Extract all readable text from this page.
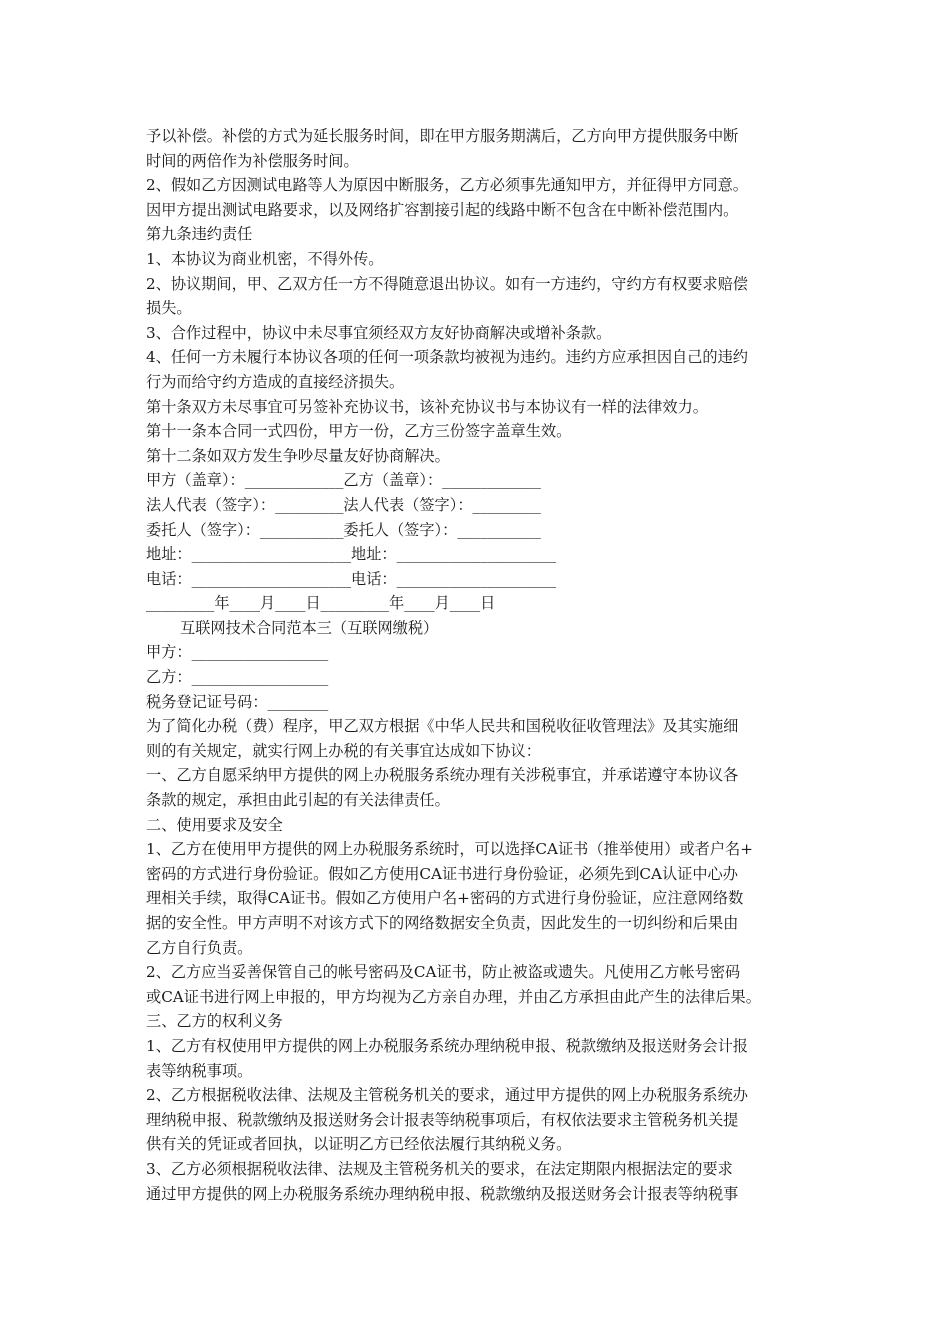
予以补偿。补偿的方式为延长服务时间，即在甲方服务期满后，乙方向甲方提供服务中断
时间的两倍作为补偿服务时间。
2、假如乙方因测试电路等人为原因中断服务，乙方必须事先通知甲方，并征得甲方同意。
因甲方提出测试电路要求，以及网络扩容割接引起的线路中断不包含在中断补偿范围内。
第九条违约责任
1、本协议为商业机密，不得外传。
2、协议期间，甲、乙双方任一方不得随意退出协议。如有一方违约，守约方有权要求赔偿
损失。
3、合作过程中，协议中未尽事宜须经双方友好协商解决或增补条款。
4、任何一方未履行本协议各项的任何一项条款均被视为违约。违约方应承担因自己的违约
行为而给守约方造成的直接经济损失。
第十条双方未尽事宜可另签补充协议书，该补充协议书与本协议有一样的法律效力。
第十一条本合同一式四份，甲方一份，乙方三份签字盖章生效。
第十二条如双方发生争吵尽量友好协商解决。
甲方（盖章）：_____________乙方（盖章）：_____________
法人代表（签字）：_________法人代表（签字）：_________
委托人（签字）：___________委托人（签字）：___________
地址：_____________________地址：_____________________
电话：_____________________电话：_____________________
_________年____月____日_________年____月____日
互联网技术合同范本三（互联网缴税）
甲方：__________________
乙方：__________________
税务登记证号码：________
为了简化办税（费）程序，甲乙双方根据《中华人民共和国税收征收管理法》及其实施细
则的有关规定，就实行网上办税的有关事宜达成如下协议：
一、乙方自愿采纳甲方提供的网上办税服务系统办理有关涉税事宜，并承诺遵守本协议各
条款的规定，承担由此引起的有关法律责任。
二、使用要求及安全
1、乙方在使用甲方提供的网上办税服务系统时，可以选择CA证书（推举使用）或者户名+
密码的方式进行身份验证。假如乙方使用CA证书进行身份验证，必须先到CA认证中心办
理相关手续，取得CA证书。假如乙方使用户名+密码的方式进行身份验证，应注意网络数
据的安全性。甲方声明不对该方式下的网络数据安全负责，因此发生的一切纠纷和后果由
乙方自行负责。
2、乙方应当妥善保管自己的帐号密码及CA证书，防止被盗或遗失。凡使用乙方帐号密码
或CA证书进行网上申报的，甲方均视为乙方亲自办理，并由乙方承担由此产生的法律后果。
三、乙方的权利义务
1、乙方有权使用甲方提供的网上办税服务系统办理纳税申报、税款缴纳及报送财务会计报
表等纳税事项。
2、乙方根据税收法律、法规及主管税务机关的要求，通过甲方提供的网上办税服务系统办
理纳税申报、税款缴纳及报送财务会计报表等纳税事项后，有权依法要求主管税务机关提
供有关的凭证或者回执，以证明乙方已经依法履行其纳税义务。
3、乙方必须根据税收法律、法规及主管税务机关的要求，在法定期限内根据法定的要求
通过甲方提供的网上办税服务系统办理纳税申报、税款缴纳及报送财务会计报表等纳税事
